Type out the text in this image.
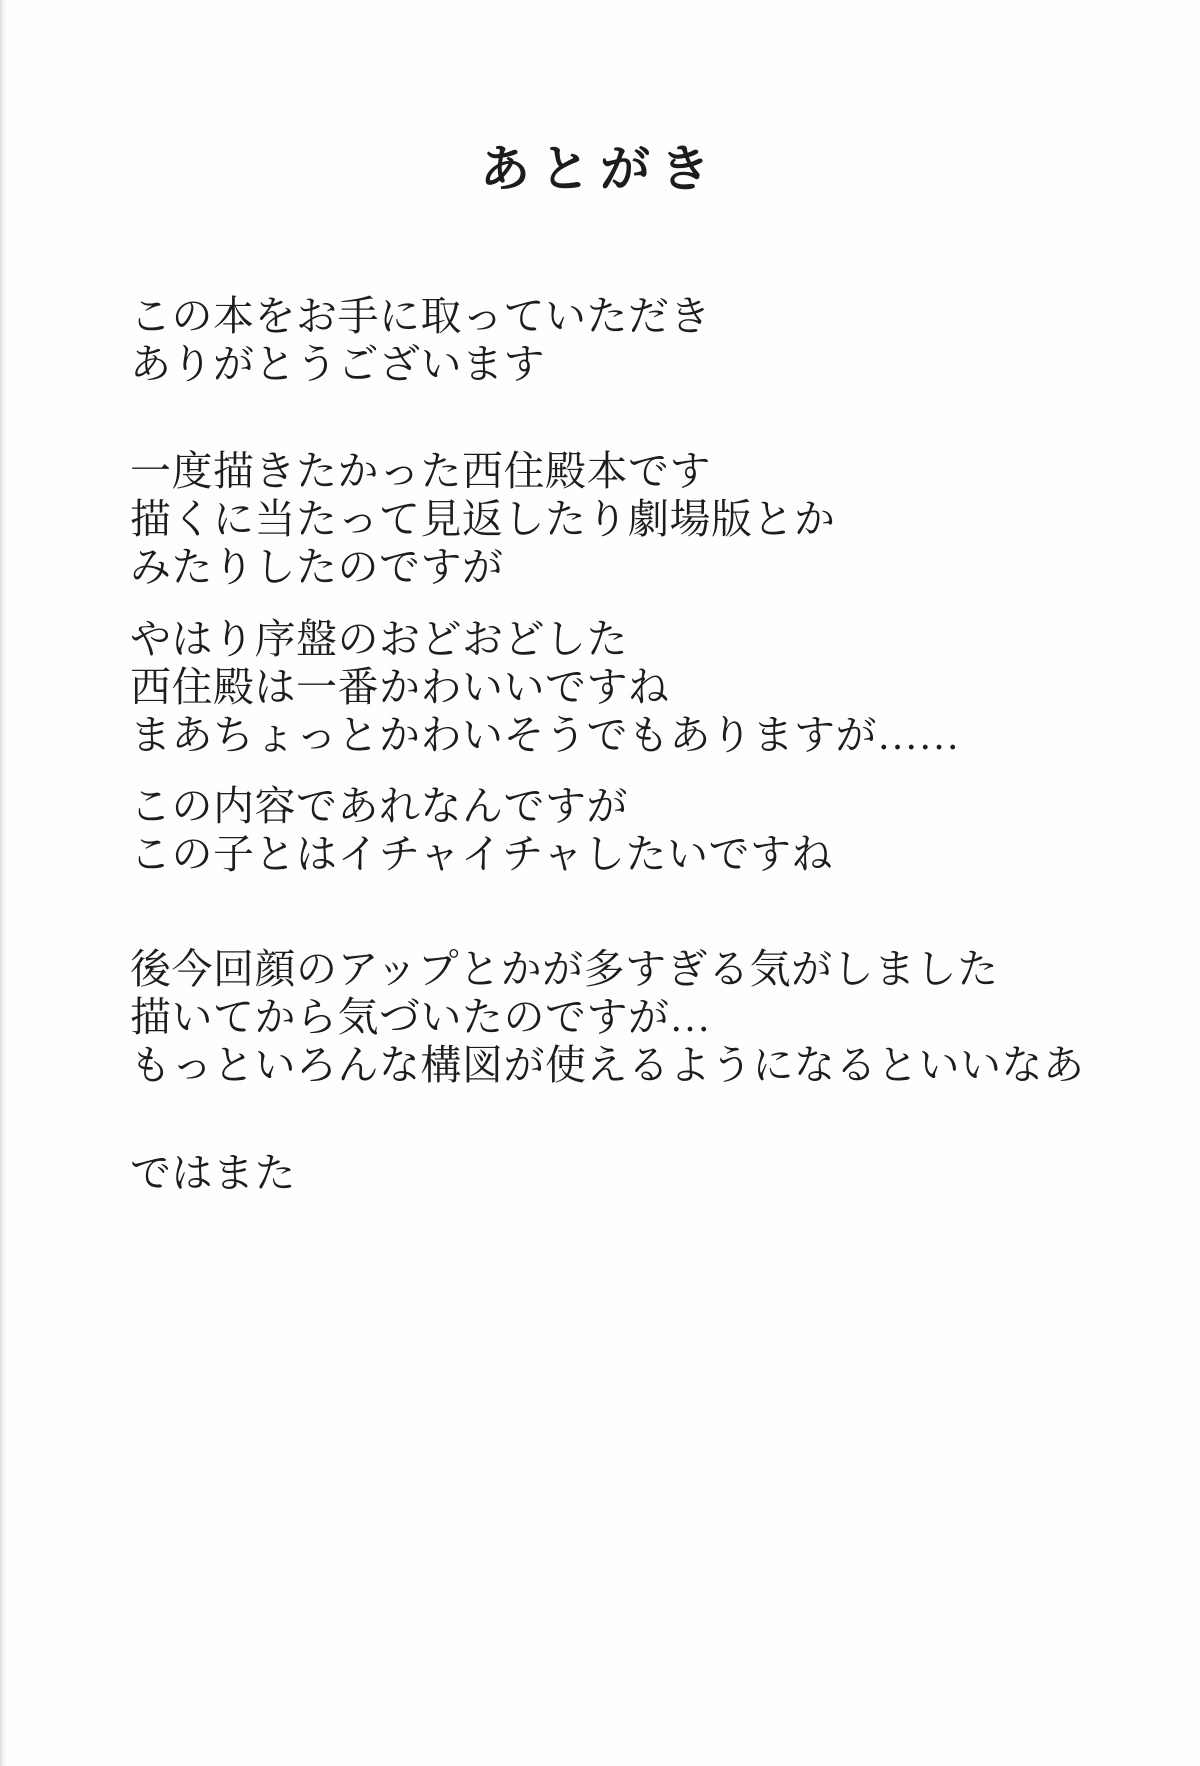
あとがき
この本をお手に取っていただき
ありがとうございます
一度描きたかった西住殿本です
描くに当たって見返したり劇場版とか
みたりしたのですが
やはり序盤のおどおどした
西住殿は一番かわいいですね
まあちょっとかわいそうでもありますが……
この内容であれなんですが
この子とはイチャイチャしたいですね
後今回顔のアップとかが多すぎる気がしました
描いてから気づいたのですが…
もっといろんな構図が使えるようになるといいなあ
ではまた
